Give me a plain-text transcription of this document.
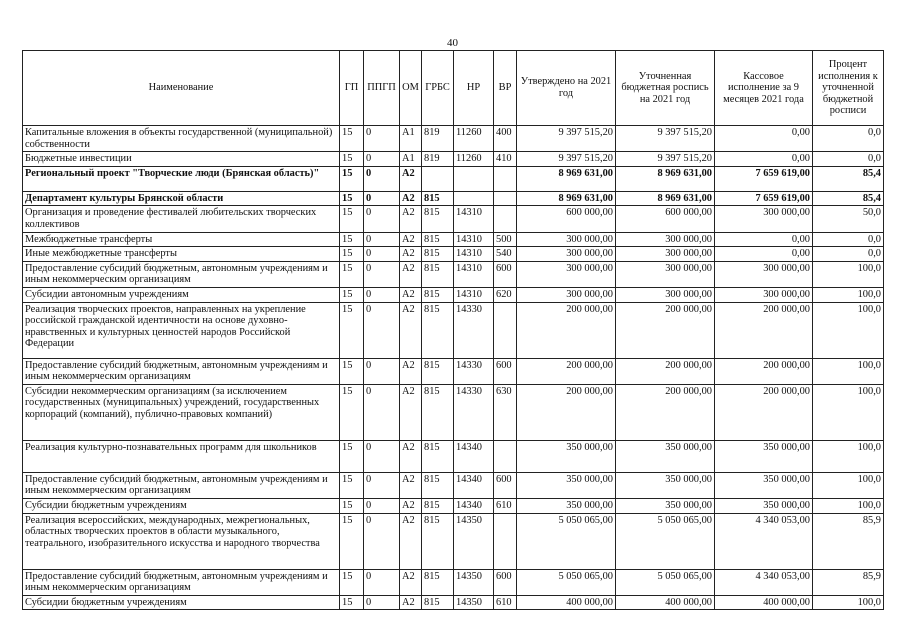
40
Наименование	ГП	ППГП	ОМ	ГРБС	НР	ВР	Утверждено на 2021 год	Уточненная бюджетная роспись на 2021 год	Кассовое исполнение за 9 месяцев 2021 года	Процент исполнения к уточненной бюджетной росписи
Капитальные вложения в объекты государственной (муниципальной) собственности	15	0	А1	819	11260	400	9 397 515,20	9 397 515,20	0,00	0,0
Бюджетные инвестиции	15	0	А1	819	11260	410	9 397 515,20	9 397 515,20	0,00	0,0
Региональный проект "Творческие люди (Брянская область)"	15	0	А2				8 969 631,00	8 969 631,00	7 659 619,00	85,4
Департамент культуры Брянской области	15	0	А2	815			8 969 631,00	8 969 631,00	7 659 619,00	85,4
Организация и проведение фестивалей любительских творческих коллективов	15	0	А2	815	14310		600 000,00	600 000,00	300 000,00	50,0
Межбюджетные трансферты	15	0	А2	815	14310	500	300 000,00	300 000,00	0,00	0,0
Иные межбюджетные трансферты	15	0	А2	815	14310	540	300 000,00	300 000,00	0,00	0,0
Предоставление субсидий бюджетным, автономным учреждениям и иным некоммерческим организациям	15	0	А2	815	14310	600	300 000,00	300 000,00	300 000,00	100,0
Субсидии автономным учреждениям	15	0	А2	815	14310	620	300 000,00	300 000,00	300 000,00	100,0
Реализация творческих проектов, направленных на укрепление российской гражданской идентичности на основе духовно-нравственных и культурных ценностей народов Российской Федерации	15	0	А2	815	14330		200 000,00	200 000,00	200 000,00	100,0
Предоставление субсидий бюджетным, автономным учреждениям и иным некоммерческим организациям	15	0	А2	815	14330	600	200 000,00	200 000,00	200 000,00	100,0
Субсидии некоммерческим организациям (за исключением государственных (муниципальных) учреждений, государственных корпораций (компаний), публично-правовых компаний)	15	0	А2	815	14330	630	200 000,00	200 000,00	200 000,00	100,0
Реализация культурно-познавательных программ для школьников	15	0	А2	815	14340		350 000,00	350 000,00	350 000,00	100,0
Предоставление субсидий бюджетным, автономным учреждениям и иным некоммерческим организациям	15	0	А2	815	14340	600	350 000,00	350 000,00	350 000,00	100,0
Субсидии бюджетным учреждениям	15	0	А2	815	14340	610	350 000,00	350 000,00	350 000,00	100,0
Реализация всероссийских, международных, межрегиональных, областных творческих проектов в области музыкального, театрального, изобразительного искусства и народного творчества	15	0	А2	815	14350		5 050 065,00	5 050 065,00	4 340 053,00	85,9
Предоставление субсидий бюджетным, автономным учреждениям и иным некоммерческим организациям	15	0	А2	815	14350	600	5 050 065,00	5 050 065,00	4 340 053,00	85,9
Субсидии бюджетным учреждениям	15	0	А2	815	14350	610	400 000,00	400 000,00	400 000,00	100,0
